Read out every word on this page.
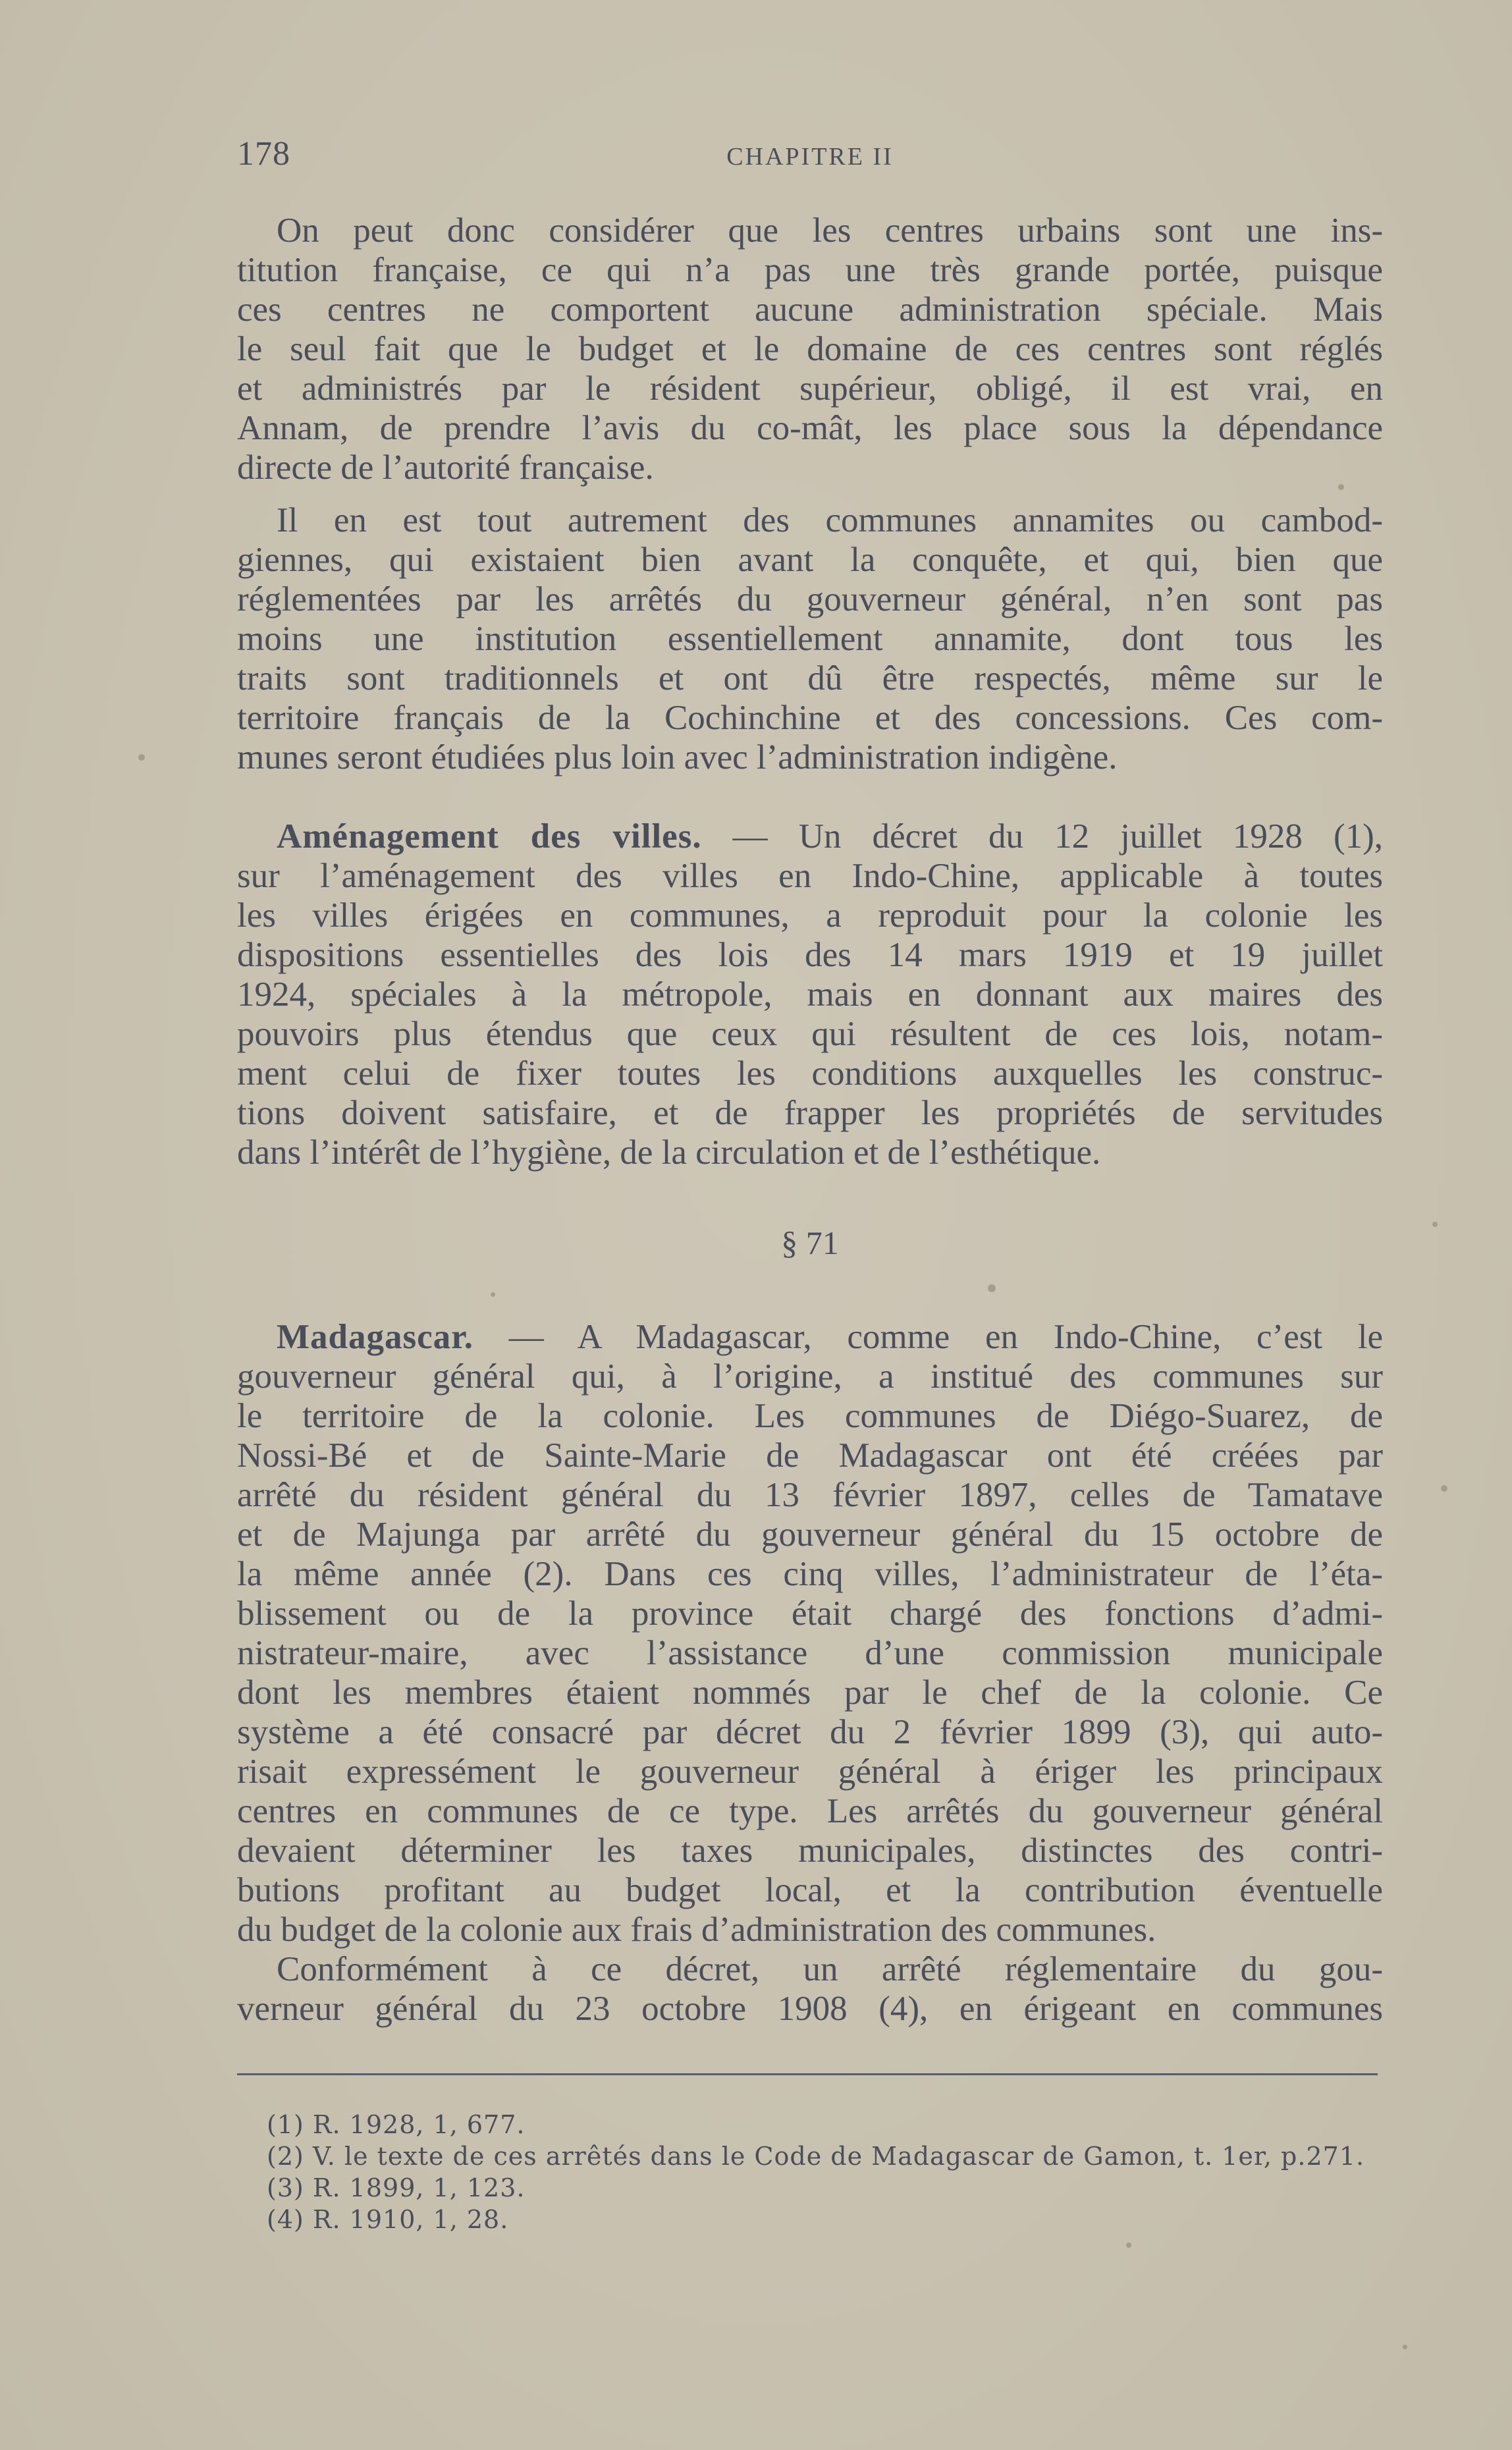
178	CHAPITRE II
On peut donc considérer que les centres urbains sont une ins-
titution française, ce qui n’a pas une très grande portée, puisque
ces centres ne comportent aucune administration spéciale. Mais
le seul fait que le budget et le domaine de ces centres sont réglés
et administrés par le résident supérieur, obligé, il est vrai, en
Annam, de prendre l’avis du co-mât, les place sous la dépendance
directe de l’autorité française.
Il en est tout autrement des communes annamites ou cambod-
giennes, qui existaient bien avant la conquête, et qui, bien que
réglementées par les arrêtés du gouverneur général, n’en sont pas
moins une institution essentiellement annamite, dont tous les
traits sont traditionnels et ont dû être respectés, même sur le
territoire français de la Cochinchine et des concessions. Ces com-
munes seront étudiées plus loin avec l’administration indigène.
Aménagement des villes. — Un décret du 12 juillet 1928 (1),
sur l’aménagement des villes en Indo-Chine, applicable à toutes
les villes érigées en communes, a reproduit pour la colonie les
dispositions essentielles des lois des 14 mars 1919 et 19 juillet
1924, spéciales à la métropole, mais en donnant aux maires des
pouvoirs plus étendus que ceux qui résultent de ces lois, notam-
ment celui de fixer toutes les conditions auxquelles les construc-
tions doivent satisfaire, et de frapper les propriétés de servitudes
dans l’intérêt de l’hygiène, de la circulation et de l’esthétique.
§ 71
Madagascar. — A Madagascar, comme en Indo-Chine, c’est le
gouverneur général qui, à l’origine, a institué des communes sur
le territoire de la colonie. Les communes de Diégo-Suarez, de
Nossi-Bé et de Sainte-Marie de Madagascar ont été créées par
arrêté du résident général du 13 février 1897, celles de Tamatave
et de Majunga par arrêté du gouverneur général du 15 octobre de
la même année (2). Dans ces cinq villes, l’administrateur de l’éta-
blissement ou de la province était chargé des fonctions d’admi-
nistrateur-maire, avec l’assistance d’une commission municipale
dont les membres étaient nommés par le chef de la colonie. Ce
système a été consacré par décret du 2 février 1899 (3), qui auto-
risait expressément le gouverneur général à ériger les principaux
centres en communes de ce type. Les arrêtés du gouverneur général
devaient déterminer les taxes municipales, distinctes des contri-
butions profitant au budget local, et la contribution éventuelle
du budget de la colonie aux frais d’administration des communes.
Conformément à ce décret, un arrêté réglementaire du gou-
verneur général du 23 octobre 1908 (4), en érigeant en communes
(1) R. 1928, 1, 677.
(2) V. le texte de ces arrêtés dans le Code de Madagascar de Gamon, t. 1er, p.271.
(3) R. 1899, 1, 123.
(4) R. 1910, 1, 28.
